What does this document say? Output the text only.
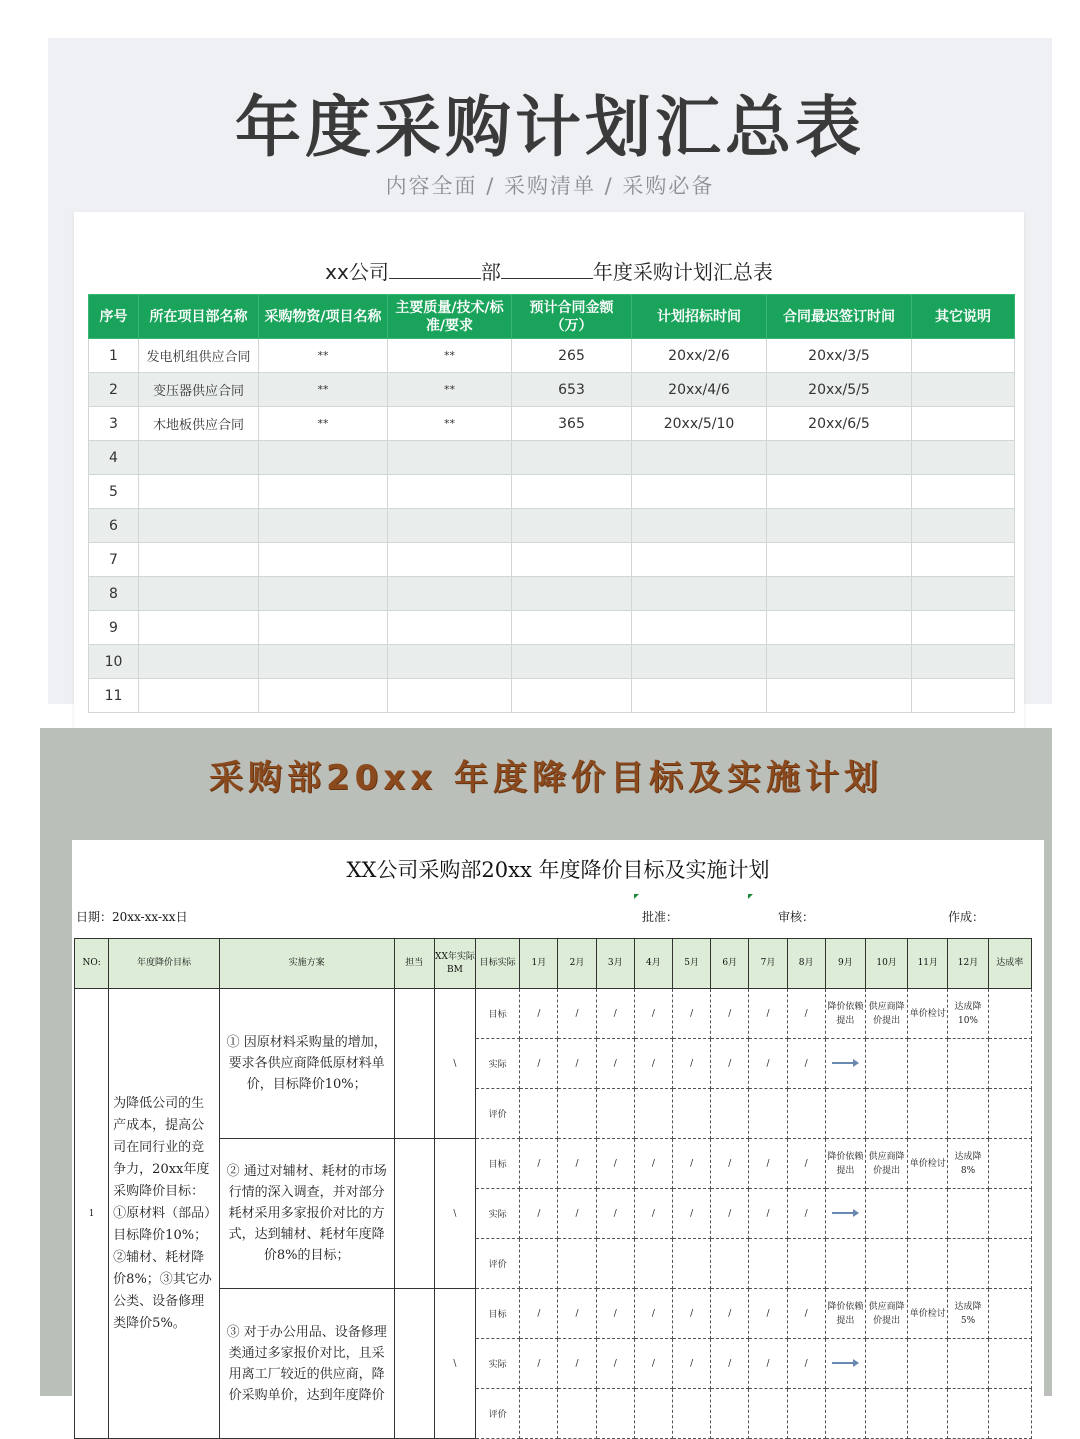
年度采购计划汇总表
内容全面 / 采购清单 / 采购必备
xx公司	部	年度采购计划汇总表
序号	所在项目部名称	采购物资/项目名称	主要质量/技术/标准/要求	预计合同金额（万）	计划招标时间	合同最迟签订时间	其它说明
1	发电机组供应合同	**	**	265	20xx/2/6	20xx/3/5	
2	变压器供应合同	**	**	653	20xx/4/6	20xx/5/5	
3	木地板供应合同	**	**	365	20xx/5/10	20xx/6/5	
4							
5							
6							
7							
8							
9							
10							
11							
采购部20xx 年度降价目标及实施计划
XX公司采购部20xx 年度降价目标及实施计划
日期：20xx-xx-xx日	批准：	审核：	作成：
NO:	年度降价目标	实施方案	担当	XX年实际BM	目标实际	1月	2月	3月	4月	5月	6月	7月	8月	9月	10月	11月	12月	达成率
1	为降低公司的生产成本，提高公司在同行业的竞争力，20xx年度采购降价目标：①原材料（部品）目标降价10%；　②辅材、耗材降价8%；③其它办公类、设备修理类降价5%。	① 因原材料采购量的增加，要求各供应商降低原材料单价，目标降价10%；		\	目标	/	/	/	/	/	/	/	/	降价依赖提出	供应商降价提出	单价检讨	达成降10%	
					实际	/	/	/	/	/	/	/	/					
					评价													
		② 通过对辅材、耗材的市场行情的深入调查，并对部分耗材采用多家报价对比的方式，达到辅材、耗材年度降价8%的目标；		\	目标	/	/	/	/	/	/	/	/	降价依赖提出	供应商降价提出	单价检讨	达成降8%	
					实际	/	/	/	/	/	/	/	/					
					评价													
		③ 对于办公用品、设备修理类通过多家报价对比，且采用离工厂较近的供应商，降价采购单价，达到年度降价		\	目标	/	/	/	/	/	/	/	/	降价依赖提出	供应商降价提出	单价检讨	达成降5%	
					实际	/	/	/	/	/	/	/	/					
					评价													
